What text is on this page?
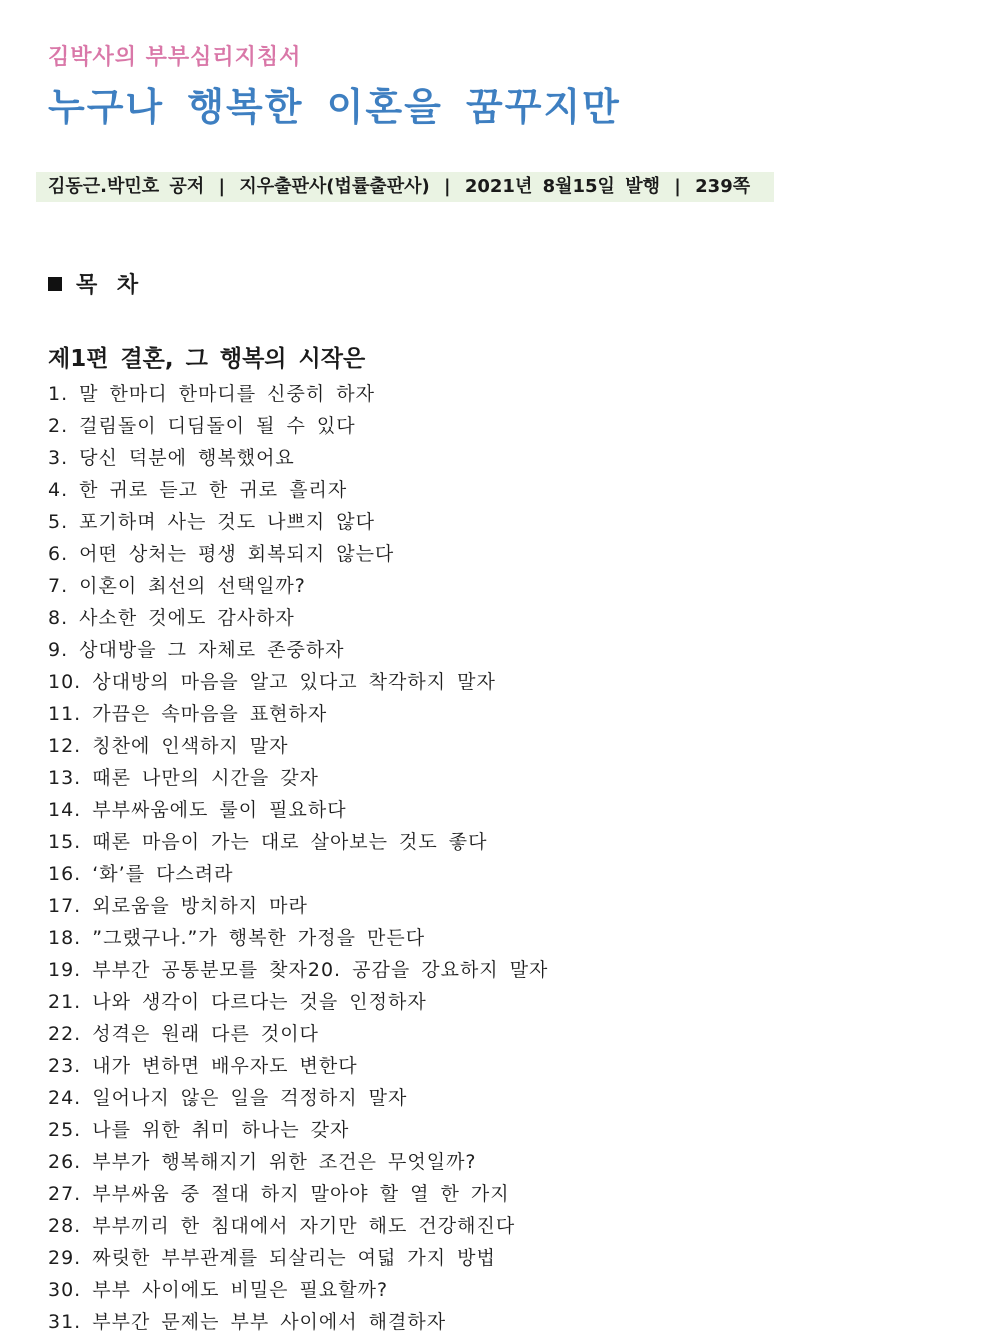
김박사의 부부심리지침서
누구나 행복한 이혼을 꿈꾸지만
김동근.박민호 공저 | 지우출판사(법률출판사) | 2021년 8월15일 발행 | 239쪽
목 차
제1편 결혼, 그 행복의 시작은
1. 말 한마디 한마디를 신중히 하자
2. 걸림돌이 디딤돌이 될 수 있다
3. 당신 덕분에 행복했어요
4. 한 귀로 듣고 한 귀로 흘리자
5. 포기하며 사는 것도 나쁘지 않다
6. 어떤 상처는 평생 회복되지 않는다
7. 이혼이 최선의 선택일까?
8. 사소한 것에도 감사하자
9. 상대방을 그 자체로 존중하자
10. 상대방의 마음을 알고 있다고 착각하지 말자
11. 가끔은 속마음을 표현하자
12. 칭찬에 인색하지 말자
13. 때론 나만의 시간을 갖자
14. 부부싸움에도 룰이 필요하다
15. 때론 마음이 가는 대로 살아보는 것도 좋다
16. ‘화’를 다스려라
17. 외로움을 방치하지 마라
18. ”그랬구나.”가 행복한 가정을 만든다
19. 부부간 공통분모를 찾자20. 공감을 강요하지 말자
21. 나와 생각이 다르다는 것을 인정하자
22. 성격은 원래 다른 것이다
23. 내가 변하면 배우자도 변한다
24. 일어나지 않은 일을 걱정하지 말자
25. 나를 위한 취미 하나는 갖자
26. 부부가 행복해지기 위한 조건은 무엇일까?
27. 부부싸움 중 절대 하지 말아야 할 열 한 가지
28. 부부끼리 한 침대에서 자기만 해도 건강해진다
29. 짜릿한 부부관계를 되살리는 여덟 가지 방법
30. 부부 사이에도 비밀은 필요할까?
31. 부부간 문제는 부부 사이에서 해결하자
